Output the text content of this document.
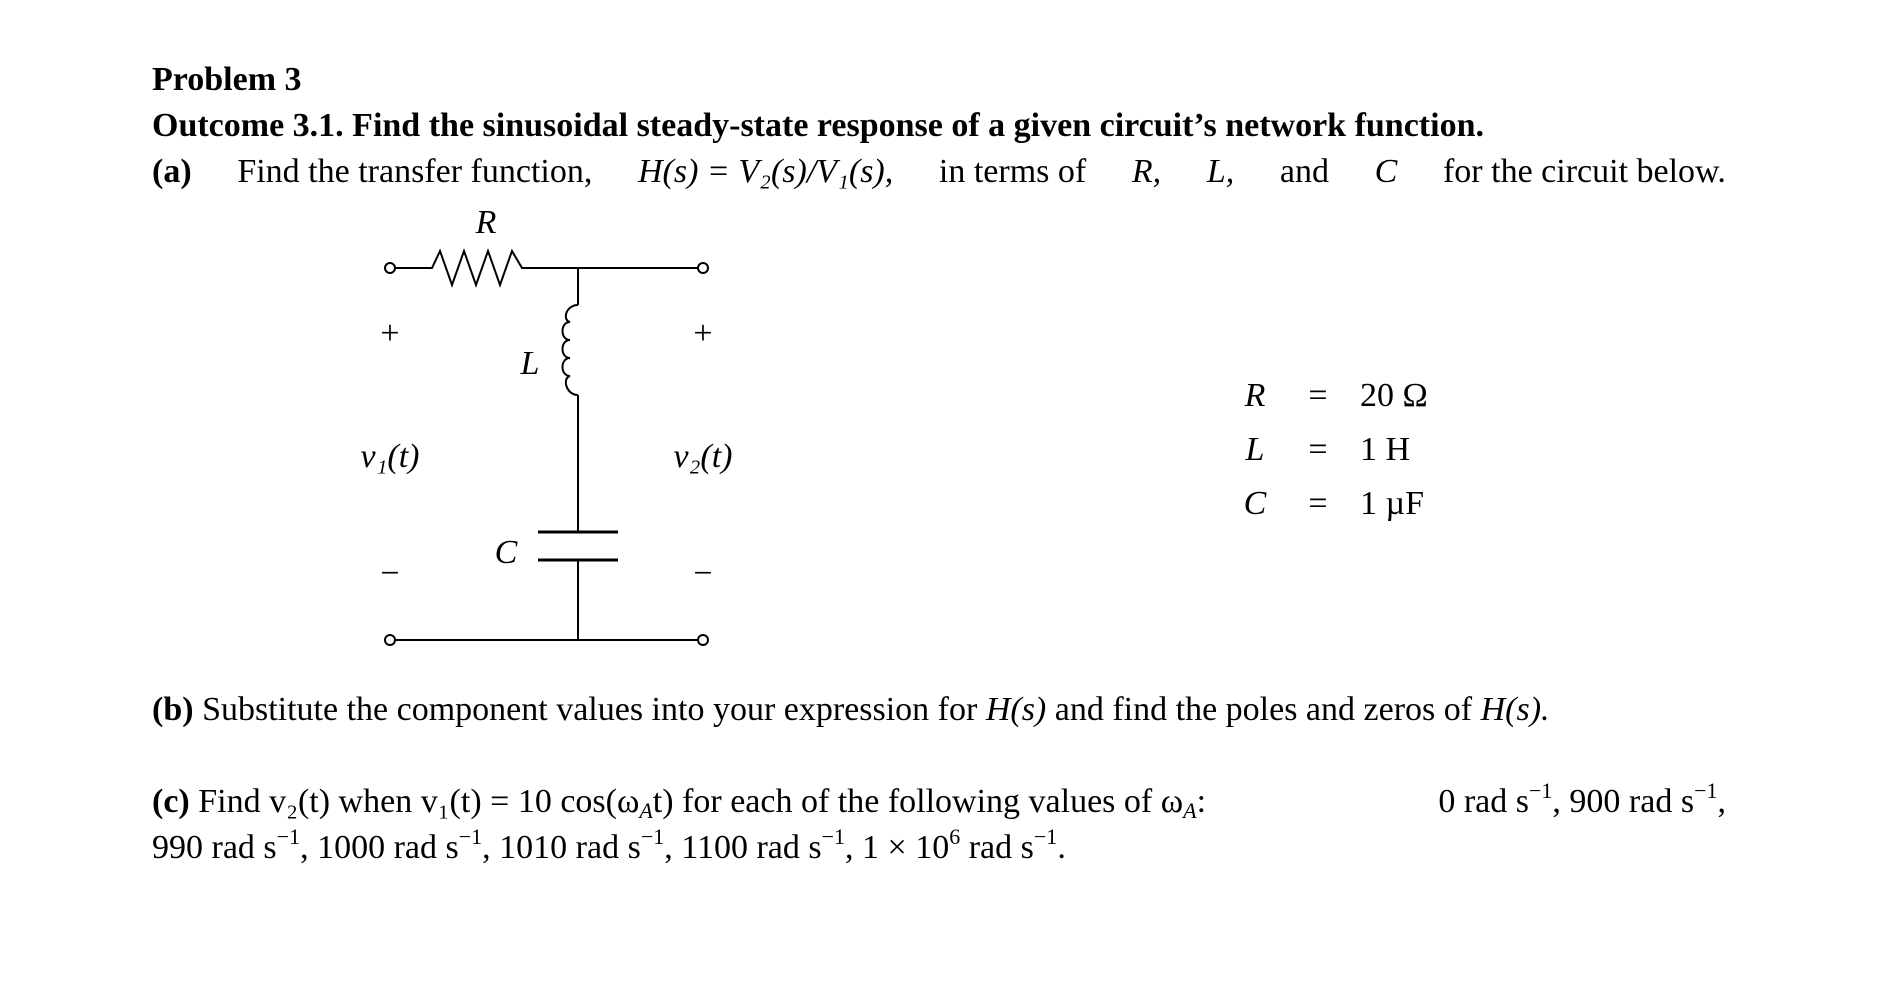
Problem 3
Outcome 3.1. Find the sinusoidal steady-state response of a given circuit’s network function.
(a) Find the transfer function, H(s) = V₂(s)/V₁(s), in terms of R, L, and C for the circuit below.
R
L
C
+
−
v₁(t)
+
−
v₂(t)
R = 20 Ω
L = 1 H
C = 1 µF
(b) Substitute the component values into your expression for H(s) and find the poles and zeros of H(s).
(c) Find v₂(t) when v₁(t) = 10 $\cos(\omega_At)$ for each of the following values of $\omega_A$:	0 rad $s^{-1}$, 900 rad $s^{-1}$,
990 rad $s^{-1}$, 1000 rad $s^{-1}$, 1010 rad $s^{-1}$, 1100 rad $s^{-1}$, $1 \times 10^6$ rad $s^{-1}$.
